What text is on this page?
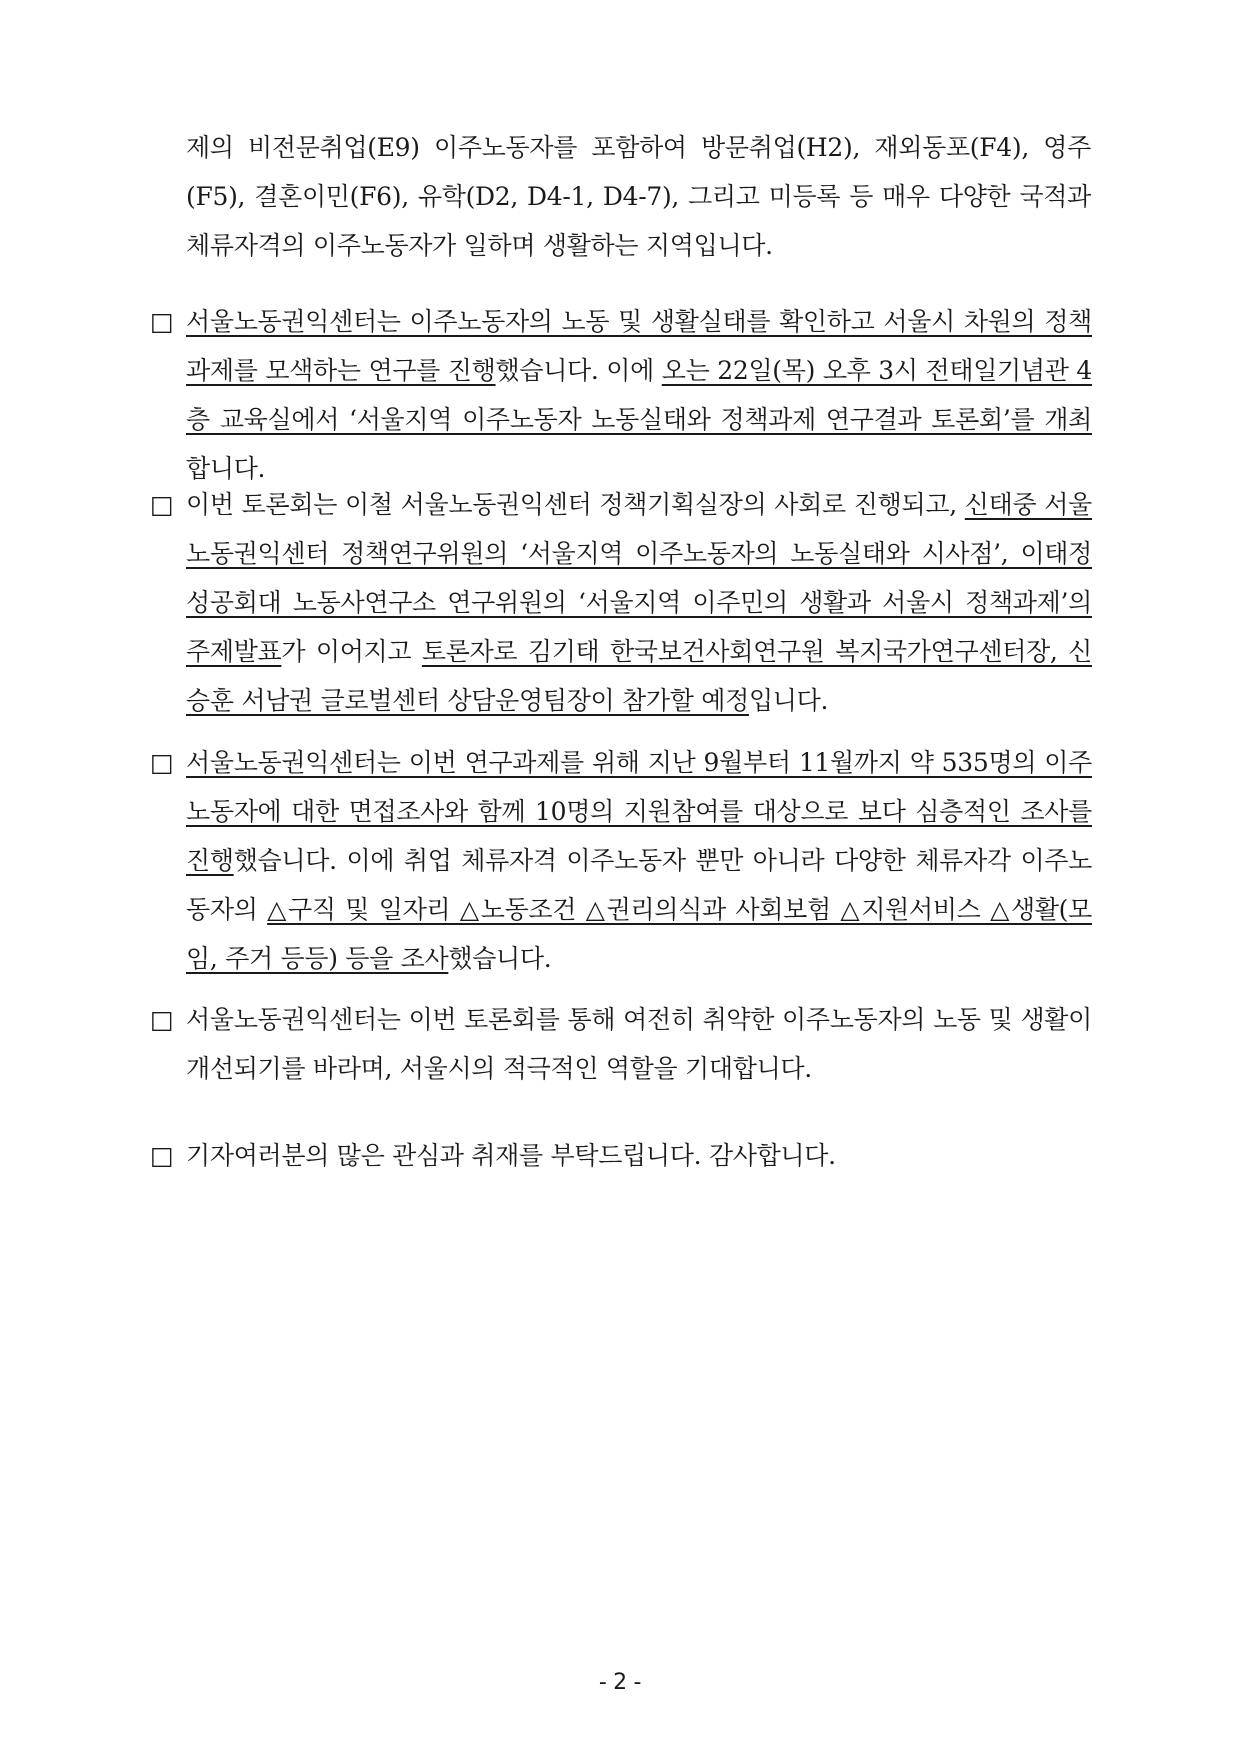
제의 비전문취업(E9) 이주노동자를 포함하여 방문취업(H2), 재외동포(F4), 영주(F5), 결혼이민(F6), 유학(D2, D4-1, D4-7), 그리고 미등록 등 매우 다양한 국적과 체류자격의 이주노동자가 일하며 생활하는 지역입니다.
□ 서울노동권익센터는 이주노동자의 노동 및 생활실태를 확인하고 서울시 차원의 정책과제를 모색하는 연구를 진행했습니다. 이에 오는 22일(목) 오후 3시 전태일기념관 4층 교육실에서 ‘서울지역 이주노동자 노동실태와 정책과제 연구결과 토론회’를 개최합니다.
□ 이번 토론회는 이철 서울노동권익센터 정책기획실장의 사회로 진행되고, 신태중 서울노동권익센터 정책연구위원의 ‘서울지역 이주노동자의 노동실태와 시사점’, 이태정 성공회대 노동사연구소 연구위원의 ‘서울지역 이주민의 생활과 서울시 정책과제’의 주제발표가 이어지고 토론자로 김기태 한국보건사회연구원 복지국가연구센터장, 신승훈 서남권 글로벌센터 상담운영팀장이 참가할 예정입니다.
□ 서울노동권익센터는 이번 연구과제를 위해 지난 9월부터 11월까지 약 535명의 이주노동자에 대한 면접조사와 함께 10명의 지원참여를 대상으로 보다 심층적인 조사를 진행했습니다. 이에 취업 체류자격 이주노동자 뿐만 아니라 다양한 체류자각 이주노동자의 △구직 및 일자리 △노동조건 △권리의식과 사회보험 △지원서비스 △생활(모임, 주거 등등) 등을 조사했습니다.
□ 서울노동권익센터는 이번 토론회를 통해 여전히 취약한 이주노동자의 노동 및 생활이 개선되기를 바라며, 서울시의 적극적인 역할을 기대합니다.
□ 기자여러분의 많은 관심과 취재를 부탁드립니다. 감사합니다.
- 2 -
